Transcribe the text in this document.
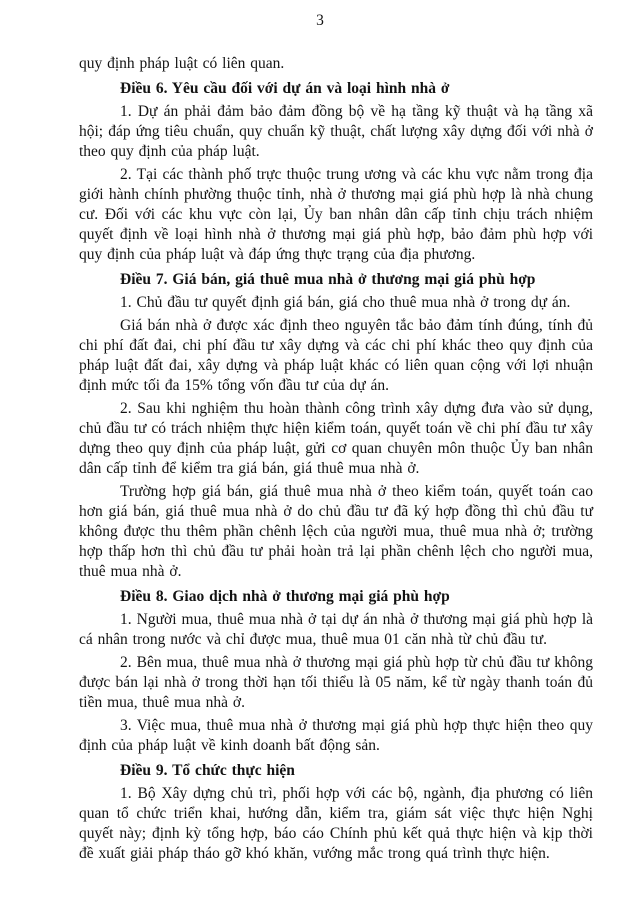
3

quy định pháp luật có liên quan.

Điều 6. Yêu cầu đối với dự án và loại hình nhà ở

1. Dự án phải đảm bảo đảm đồng bộ về hạ tầng kỹ thuật và hạ tầng xã hội; đáp ứng tiêu chuẩn, quy chuẩn kỹ thuật, chất lượng xây dựng đối với nhà ở theo quy định của pháp luật.

2. Tại các thành phố trực thuộc trung ương và các khu vực nằm trong địa giới hành chính phường thuộc tỉnh, nhà ở thương mại giá phù hợp là nhà chung cư. Đối với các khu vực còn lại, Ủy ban nhân dân cấp tỉnh chịu trách nhiệm quyết định về loại hình nhà ở thương mại giá phù hợp, bảo đảm phù hợp với quy định của pháp luật và đáp ứng thực trạng của địa phương.

Điều 7. Giá bán, giá thuê mua nhà ở thương mại giá phù hợp

1. Chủ đầu tư quyết định giá bán, giá cho thuê mua nhà ở trong dự án.

Giá bán nhà ở được xác định theo nguyên tắc bảo đảm tính đúng, tính đủ chi phí đất đai, chi phí đầu tư xây dựng và các chi phí khác theo quy định của pháp luật đất đai, xây dựng và pháp luật khác có liên quan cộng với lợi nhuận định mức tối đa 15% tổng vốn đầu tư của dự án.

2. Sau khi nghiệm thu hoàn thành công trình xây dựng đưa vào sử dụng, chủ đầu tư có trách nhiệm thực hiện kiểm toán, quyết toán về chi phí đầu tư xây dựng theo quy định của pháp luật, gửi cơ quan chuyên môn thuộc Ủy ban nhân dân cấp tỉnh để kiểm tra giá bán, giá thuê mua nhà ở.

Trường hợp giá bán, giá thuê mua nhà ở theo kiểm toán, quyết toán cao hơn giá bán, giá thuê mua nhà ở do chủ đầu tư đã ký hợp đồng thì chủ đầu tư không được thu thêm phần chênh lệch của người mua, thuê mua nhà ở; trường hợp thấp hơn thì chủ đầu tư phải hoàn trả lại phần chênh lệch cho người mua, thuê mua nhà ở.

Điều 8. Giao dịch nhà ở thương mại giá phù hợp

1. Người mua, thuê mua nhà ở tại dự án nhà ở thương mại giá phù hợp là cá nhân trong nước và chỉ được mua, thuê mua 01 căn nhà từ chủ đầu tư.

2. Bên mua, thuê mua nhà ở thương mại giá phù hợp từ chủ đầu tư không được bán lại nhà ở trong thời hạn tối thiểu là 05 năm, kể từ ngày thanh toán đủ tiền mua, thuê mua nhà ở.

3. Việc mua, thuê mua nhà ở thương mại giá phù hợp thực hiện theo quy định của pháp luật về kinh doanh bất động sản.

Điều 9. Tổ chức thực hiện

1. Bộ Xây dựng chủ trì, phối hợp với các bộ, ngành, địa phương có liên quan tổ chức triển khai, hướng dẫn, kiểm tra, giám sát việc thực hiện Nghị quyết này; định kỳ tổng hợp, báo cáo Chính phủ kết quả thực hiện và kịp thời đề xuất giải pháp tháo gỡ khó khăn, vướng mắc trong quá trình thực hiện.
